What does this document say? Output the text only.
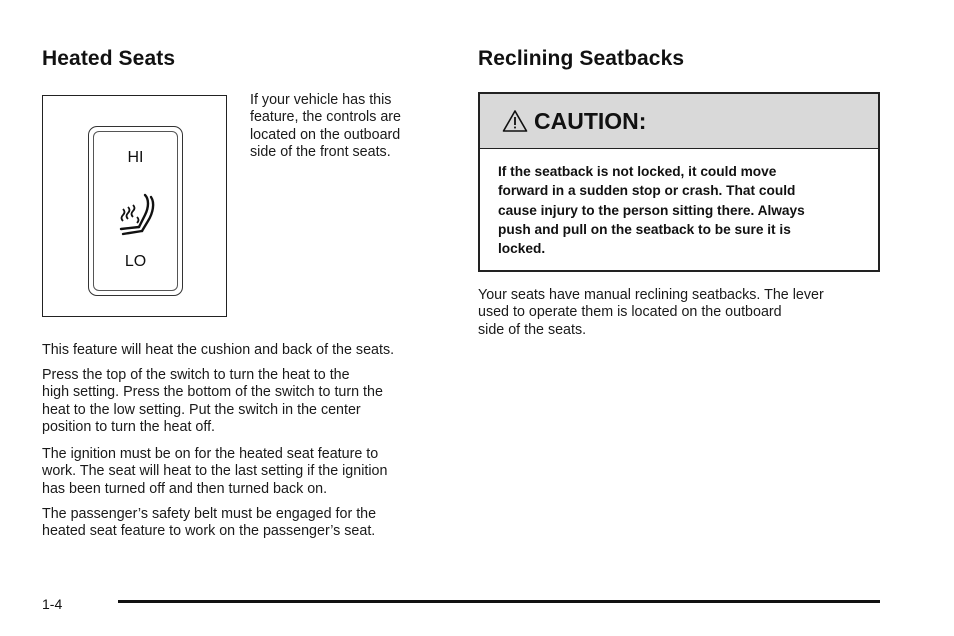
Heated Seats
HI
LO
If your vehicle has this
feature, the controls are
located on the outboard
side of the front seats.
This feature will heat the cushion and back of the seats.
Press the top of the switch to turn the heat to the
high setting. Press the bottom of the switch to turn the
heat to the low setting. Put the switch in the center
position to turn the heat off.
The ignition must be on for the heated seat feature to
work. The seat will heat to the last setting if the ignition
has been turned off and then turned back on.
The passenger’s safety belt must be engaged for the
heated seat feature to work on the passenger’s seat.
Reclining Seatbacks
CAUTION:
If the seatback is not locked, it could move
forward in a sudden stop or crash. That could
cause injury to the person sitting there. Always
push and pull on the seatback to be sure it is
locked.
Your seats have manual reclining seatbacks. The lever
used to operate them is located on the outboard
side of the seats.
1-4
